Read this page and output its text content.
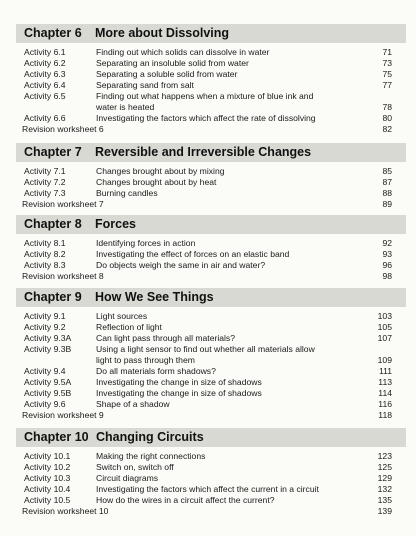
Chapter 6 More about Dissolving
Activity 6.1	Finding out which solids can dissolve in water	71
Activity 6.2	Separating an insoluble solid from water	73
Activity 6.3	Separating a soluble solid from water	75
Activity 6.4	Separating sand from salt	77
Activity 6.5	Finding out what happens when a mixture of blue ink and
water is heated	78
Activity 6.6	Investigating the factors which affect the rate of dissolving	80
Revision worksheet 6	82
Chapter 7 Reversible and Irreversible Changes
Activity 7.1	Changes brought about by mixing	85
Activity 7.2	Changes brought about by heat	87
Activity 7.3	Burning candles	88
Revision worksheet 7	89
Chapter 8 Forces
Activity 8.1	Identifying forces in action	92
Activity 8.2	Investigating the effect of forces on an elastic band	93
Activity 8.3	Do objects weigh the same in air and water?	96
Revision worksheet 8	98
Chapter 9 How We See Things
Activity 9.1	Light sources	103
Activity 9.2	Reflection of light	105
Activity 9.3A	Can light pass through all materials?	107
Activity 9.3B	Using a light sensor to find out whether all materials allow
light to pass through them	109
Activity 9.4	Do all materials form shadows?	111
Activity 9.5A	Investigating the change in size of shadows	113
Activity 9.5B	Investigating the change in size of shadows	114
Activity 9.6	Shape of a shadow	116
Revision worksheet 9	118
Chapter 10 Changing Circuits
Activity 10.1	Making the right connections	123
Activity 10.2	Switch on, switch off	125
Activity 10.3	Circuit diagrams	129
Activity 10.4	Investigating the factors which affect the current in a circuit	132
Activity 10.5	How do the wires in a circuit affect the current?	135
Revision worksheet 10	139
